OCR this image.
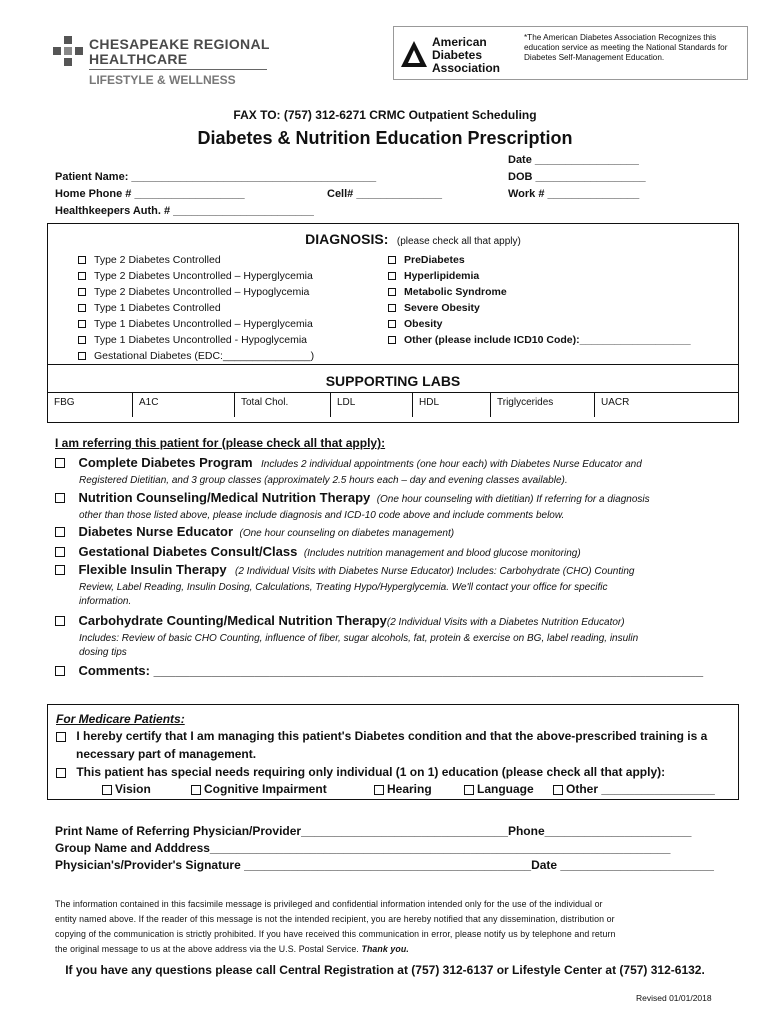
CHESAPEAKE REGIONAL
HEALTHCARE
LIFESTYLE & WELLNESS
American
Diabetes
Association
*The American Diabetes Association Recognizes this education service as meeting the National Standards for Diabetes Self-Management Education.
FAX TO: (757) 312-6271 CRMC Outpatient Scheduling
Diabetes & Nutrition Education Prescription
Date _________________
Patient Name: ________________________________________	DOB __________________
Home Phone # __________________	Cell# ______________	Work # _______________
Healthkeepers Auth. # _______________________
DIAGNOSIS: (please check all that apply)
Type 2 Diabetes Controlled
Type 2 Diabetes Uncontrolled – Hyperglycemia
Type 2 Diabetes Uncontrolled – Hypoglycemia
Type 1 Diabetes Controlled
Type 1 Diabetes Uncontrolled – Hyperglycemia
Type 1 Diabetes Uncontrolled - Hypoglycemia
Gestational Diabetes (EDC:_______________)
PreDiabetes
Hyperlipidemia
Metabolic Syndrome
Severe Obesity
Obesity
Other (please include ICD10 Code):___________________
SUPPORTING LABS
FBG	A1C	Total Chol.	LDL	HDL	Triglycerides	UACR
I am referring this patient for (please check all that apply):
Complete Diabetes Program Includes 2 individual appointments (one hour each) with Diabetes Nurse Educator and
Registered Dietitian, and 3 group classes (approximately 2.5 hours each – day and evening classes available).
Nutrition Counseling/Medical Nutrition Therapy (One hour counseling with dietitian) If referring for a diagnosis
other than those listed above, please include diagnosis and ICD-10 code above and include comments below.
Diabetes Nurse Educator (One hour counseling on diabetes management)
Gestational Diabetes Consult/Class (Includes nutrition management and blood glucose monitoring)
Flexible Insulin Therapy (2 Individual Visits with Diabetes Nurse Educator) Includes: Carbohydrate (CHO) Counting
Review, Label Reading, Insulin Dosing, Calculations, Treating Hypo/Hyperglycemia. We'll contact your office for specific
information.
Carbohydrate Counting/Medical Nutrition Therapy(2 Individual Visits with a Diabetes Nutrition Educator)
Includes: Review of basic CHO Counting, influence of fiber, sugar alcohols, fat, protein & exercise on BG, label reading, insulin
dosing tips
Comments: ____________________________________________________________________________
For Medicare Patients:
I hereby certify that I am managing this patient's Diabetes condition and that the above-prescribed training is a
necessary part of management.
This patient has special needs requiring only individual (1 on 1) education (please check all that apply):
Vision	Cognitive Impairment	Hearing	Language	Other _________________
Print Name of Referring Physician/Provider_______________________________Phone______________________
Group Name and Adddress_____________________________________________________________________
Physician's/Provider's Signature ___________________________________________Date _______________________
The information contained in this facsimile message is privileged and confidential information intended only for the use of the individual or
entity named above. If the reader of this message is not the intended recipient, you are hereby notified that any dissemination, distribution or
copying of the communication is strictly prohibited. If you have received this communication in error, please notify us by telephone and return
the original message to us at the above address via the U.S. Postal Service. Thank you.
If you have any questions please call Central Registration at (757) 312-6137 or Lifestyle Center at (757) 312-6132.
Revised 01/01/2018
